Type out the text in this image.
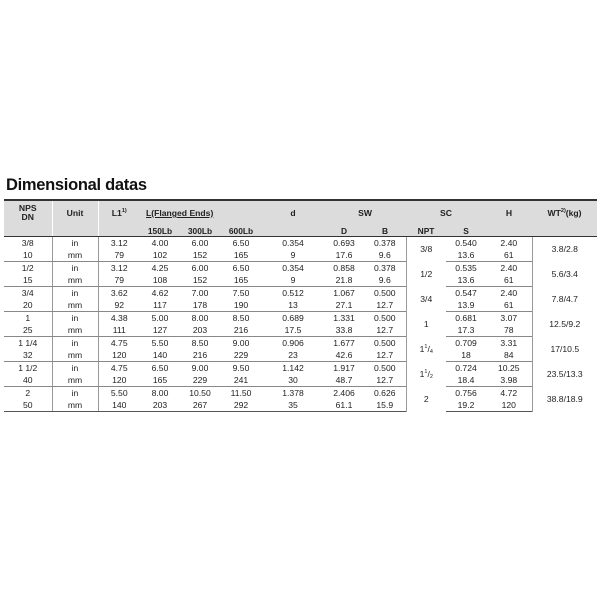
Dimensional datas
NPS
DN	Unit	L1$^{1)}$	L(Flanged Ends)			d	SW		SC		H	WT$^{2)}$(kg)
			150Lb	300Lb	600Lb		D	B	NPT	S		
3/8	in	3.12	4.00	6.00	6.50	0.354	0.693	0.378	3/8	0.540	2.40	3.8/2.8
10	mm	79	102	152	165	9	17.6	9.6		13.6	61	
1/2	in	3.12	4.25	6.00	6.50	0.354	0.858	0.378	1/2	0.535	2.40	5.6/3.4
15	mm	79	108	152	165	9	21.8	9.6		13.6	61	
3/4	in	3.62	4.62	7.00	7.50	0.512	1.067	0.500	3/4	0.547	2.40	7.8/4.7
20	mm	92	117	178	190	13	27.1	12.7		13.9	61	
1	in	4.38	5.00	8.00	8.50	0.689	1.331	0.500	1	0.681	3.07	12.5/9.2
25	mm	111	127	203	216	17.5	33.8	12.7		17.3	78	
1 1/4	in	4.75	5.50	8.50	9.00	0.906	1.677	0.500	$1^1/_4$	0.709	3.31	17/10.5
32	mm	120	140	216	229	23	42.6	12.7		18	84	
1 1/2	in	4.75	6.50	9.00	9.50	1.142	1.917	0.500	$1^1/_2$	0.724	10.25	23.5/13.3
40	mm	120	165	229	241	30	48.7	12.7		18.4	3.98	
2	in	5.50	8.00	10.50	11.50	1.378	2.406	0.626	2	0.756	4.72	38.8/18.9
50	mm	140	203	267	292	35	61.1	15.9		19.2	120	
